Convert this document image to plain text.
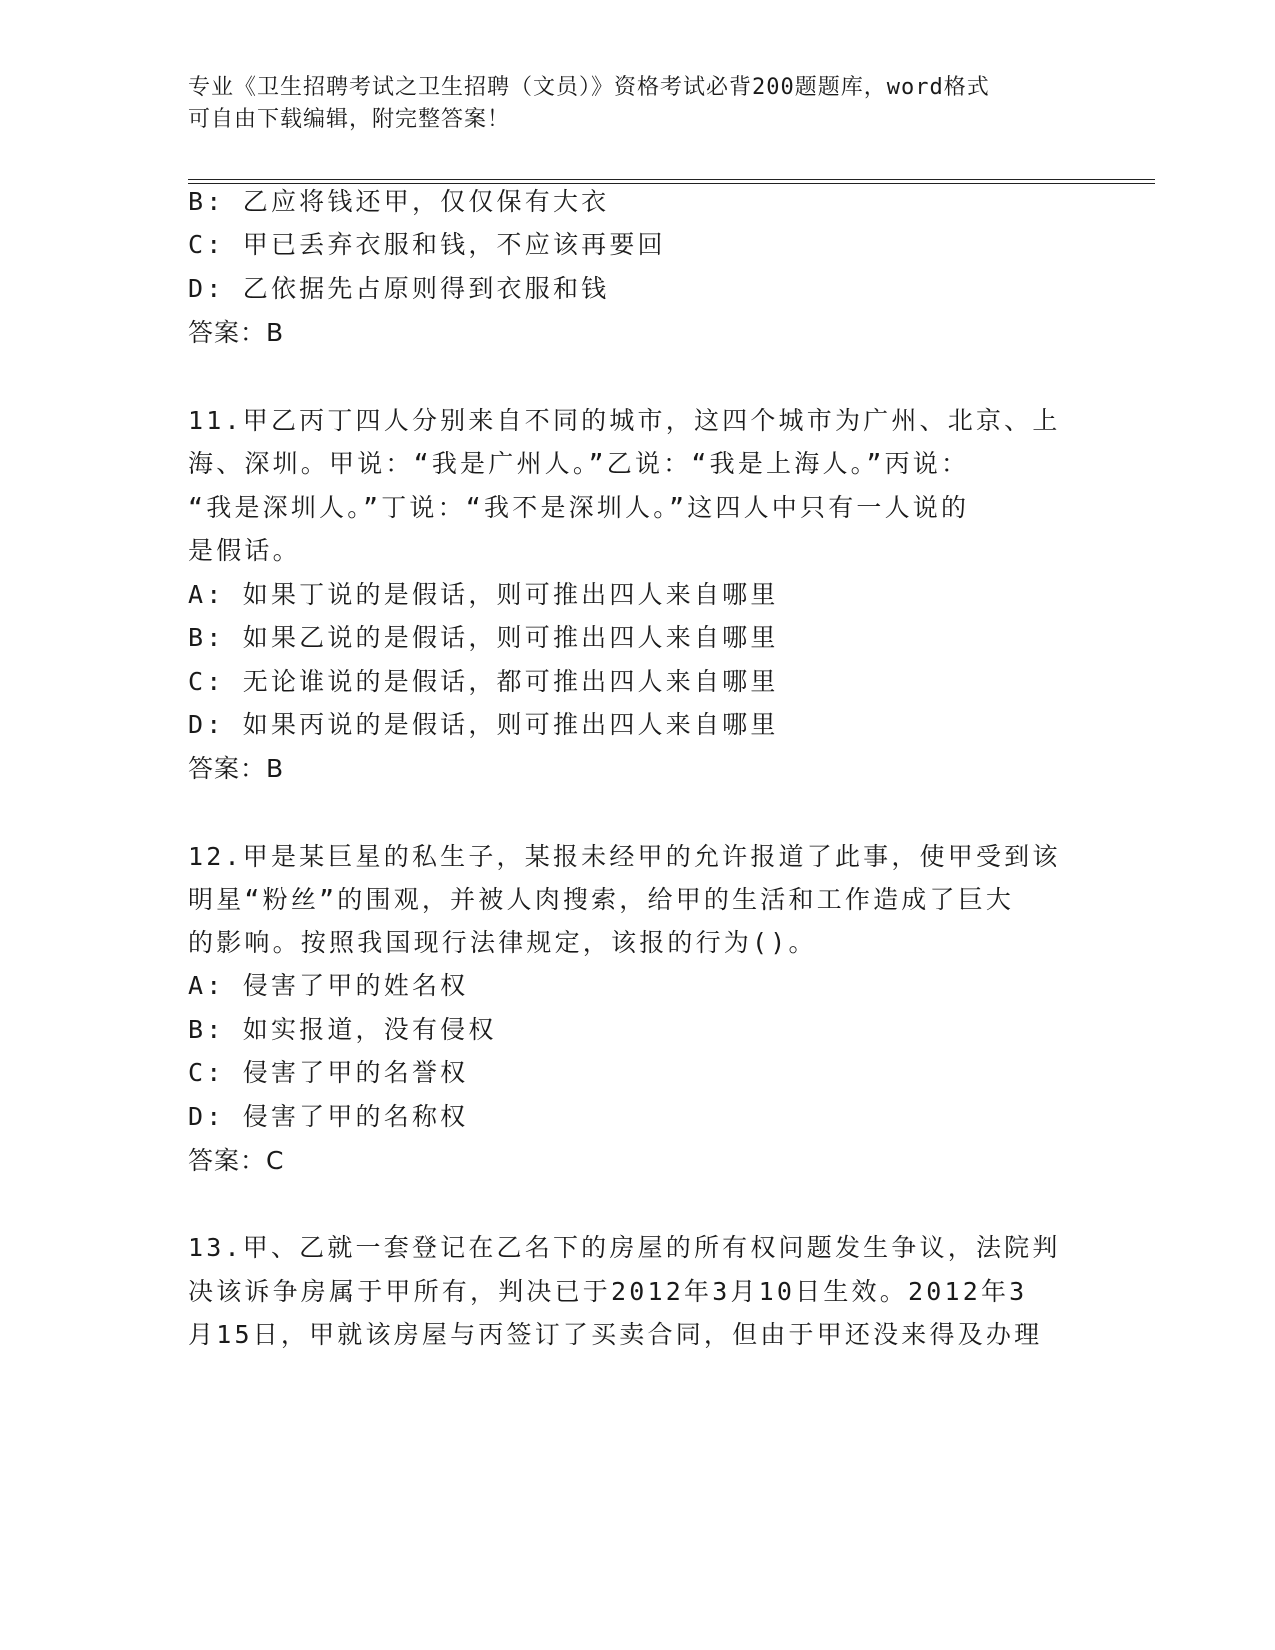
专业《卫生招聘考试之卫生招聘（文员）》资格考试必背200题题库，word格式
可自由下载编辑，附完整答案！
B: 乙应将钱还甲，仅仅保有大衣
C: 甲已丢弃衣服和钱，不应该再要回
D: 乙依据先占原则得到衣服和钱
答案：B
11.甲乙丙丁四人分别来自不同的城市，这四个城市为广州、北京、上
海、深圳。甲说：“我是广州人。”乙说：“我是上海人。”丙说：
“我是深圳人。”丁说：“我不是深圳人。”这四人中只有一人说的
是假话。
A: 如果丁说的是假话，则可推出四人来自哪里
B: 如果乙说的是假话，则可推出四人来自哪里
C: 无论谁说的是假话，都可推出四人来自哪里
D: 如果丙说的是假话，则可推出四人来自哪里
答案：B
12.甲是某巨星的私生子，某报未经甲的允许报道了此事，使甲受到该
明星“粉丝”的围观，并被人肉搜索，给甲的生活和工作造成了巨大
的影响。按照我国现行法律规定，该报的行为()。
A: 侵害了甲的姓名权
B: 如实报道，没有侵权
C: 侵害了甲的名誉权
D: 侵害了甲的名称权
答案：C
13.甲、乙就一套登记在乙名下的房屋的所有权问题发生争议，法院判
决该诉争房属于甲所有，判决已于2012年3月10日生效。2012年3
月15日，甲就该房屋与丙签订了买卖合同，但由于甲还没来得及办理
